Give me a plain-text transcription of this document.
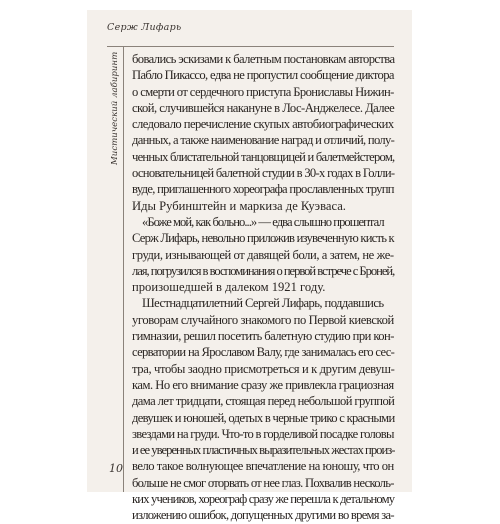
Серж Лифарь
Мистический лабиринт бовались эскизами к балетным постановкам авторства
Пабло Пикассо, едва не пропустил сообщение диктора
о смерти от сердечного приступа Брониславы Нижин-
ской, случившейся накануне в Лос-Анджелесе. Далее
следовало перечисление скупых автобиографических
данных, а также наименование наград и отличий, полу-
ченных блистательной танцовщицей и балетмейстером,
основательницей балетной студии в 30-х годах в Голли-
вуде, приглашенного хореографа прославленных трупп
Иды Рубинштейн и маркиза де Куэваса.
«Боже мой, как больно...» — едва слышно прошептал
Серж Лифарь, невольно приложив изувеченную кисть к
груди, изнывающей от давящей боли, а затем, не же-
лая, погрузился в воспоминания о первой встрече с Броней,
произошедшей в далеком 1921 году.
Шестнадцатилетний Сергей Лифарь, поддавшись
уговорам случайного знакомого по Первой киевской
гимназии, решил посетить балетную студию при кон-
серватории на Ярославом Валу, где занималась его сес-
тра, чтобы заодно присмотреться и к другим девуш-
кам. Но его внимание сразу же привлекла грациозная
дама лет тридцати, стоящая перед небольшой группой
девушек и юношей, одетых в черные трико с красными
звездами на груди. Что-то в горделивой посадке головы
и ее уверенных пластичных выразительных жестах произ-
вело такое волнующее впечатление на юношу, что он
больше не смог оторвать от нее глаз. Похвалив несколь-
ких учеников, хореограф сразу же перешла к детальному
изложению ошибок, допущенных другими во время за-
10
